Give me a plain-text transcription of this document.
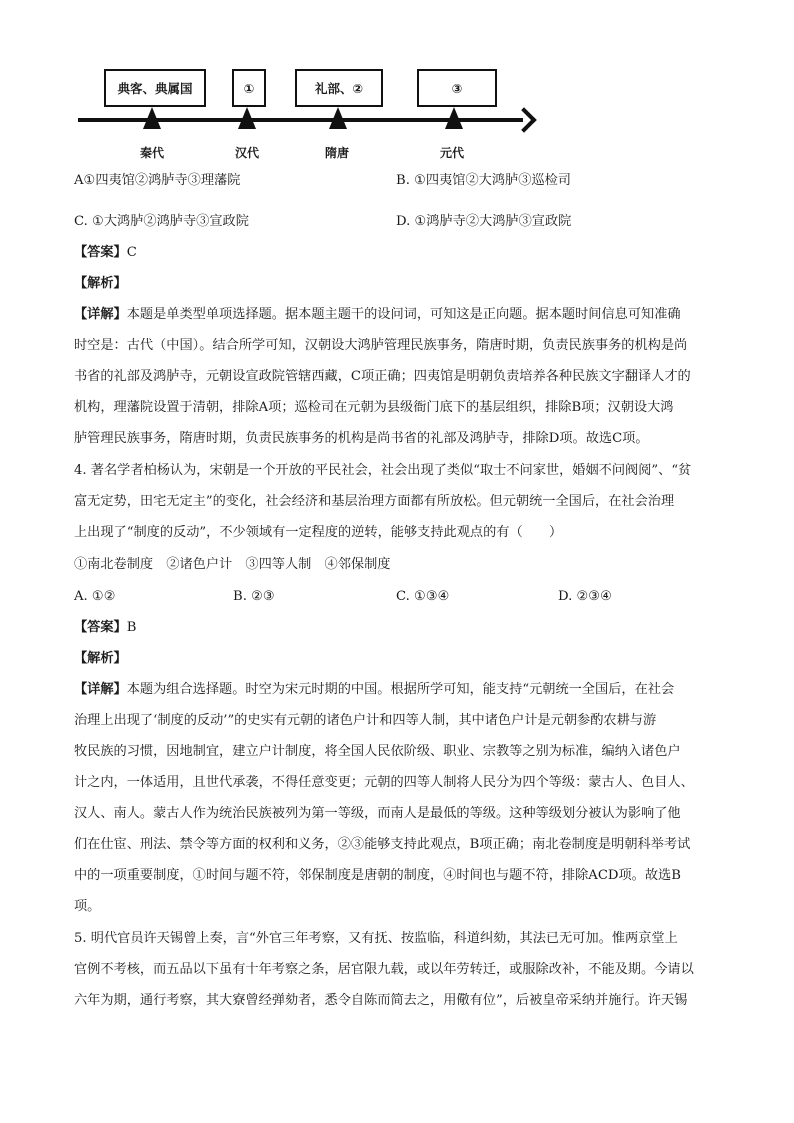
典客、典属国	①	礼部、②	③
秦代	汉代	隋唐	元代
A①四夷馆②鸿胪寺③理藩院	B. ①四夷馆②大鸿胪③巡检司
C. ①大鸿胪②鸿胪寺③宣政院	D. ①鸿胪寺②大鸿胪③宣政院
【答案】C
【解析】
【详解】本题是单类型单项选择题。据本题主题干的设问词，可知这是正向题。据本题时间信息可知准确
时空是：古代（中国）。结合所学可知，汉朝设大鸿胪管理民族事务，隋唐时期，负责民族事务的机构是尚
书省的礼部及鸿胪寺，元朝设宣政院管辖西藏，C项正确；四夷馆是明朝负责培养各种民族文字翻译人才的
机构，理藩院设置于清朝，排除A项；巡检司在元朝为县级衙门底下的基层组织，排除B项；汉朝设大鸿
胪管理民族事务，隋唐时期，负责民族事务的机构是尚书省的礼部及鸿胪寺，排除D项。故选C项。
4. 著名学者柏杨认为，宋朝是一个开放的平民社会，社会出现了类似“取士不问家世，婚姻不问阀阅”、“贫
富无定势，田宅无定主”的变化，社会经济和基层治理方面都有所放松。但元朝统一全国后，在社会治理
上出现了“制度的反动”，不少领域有一定程度的逆转，能够支持此观点的有（　　）
①南北卷制度　②诸色户计　③四等人制　④邻保制度
A. ①②	B. ②③	C. ①③④	D. ②③④
【答案】B
【解析】
【详解】本题为组合选择题。时空为宋元时期的中国。根据所学可知，能支持“元朝统一全国后，在社会
治理上出现了‘制度的反动’”的史实有元朝的诸色户计和四等人制，其中诸色户计是元朝参酌农耕与游
牧民族的习惯，因地制宜，建立户计制度，将全国人民依阶级、职业、宗教等之别为标准，编纳入诸色户
计之内，一体适用，且世代承袭，不得任意变更；元朝的四等人制将人民分为四个等级：蒙古人、色目人、
汉人、南人。蒙古人作为统治民族被列为第一等级，而南人是最低的等级。这种等级划分被认为影响了他
们在仕宦、刑法、禁令等方面的权利和义务，②③能够支持此观点，B项正确；南北卷制度是明朝科举考试
中的一项重要制度，①时间与题不符，邻保制度是唐朝的制度，④时间也与题不符，排除ACD项。故选B
项。
5. 明代官员许天锡曾上奏，言“外官三年考察，又有抚、按监临，科道纠劾，其法已无可加。惟两京堂上
官例不考核，而五品以下虽有十年考察之条，居官限九载，或以年劳转迁，或服除改补，不能及期。今请以
六年为期，通行考察，其大寮曾经弹劾者，悉令自陈而简去之，用儆有位”，后被皇帝采纳并施行。许天锡
